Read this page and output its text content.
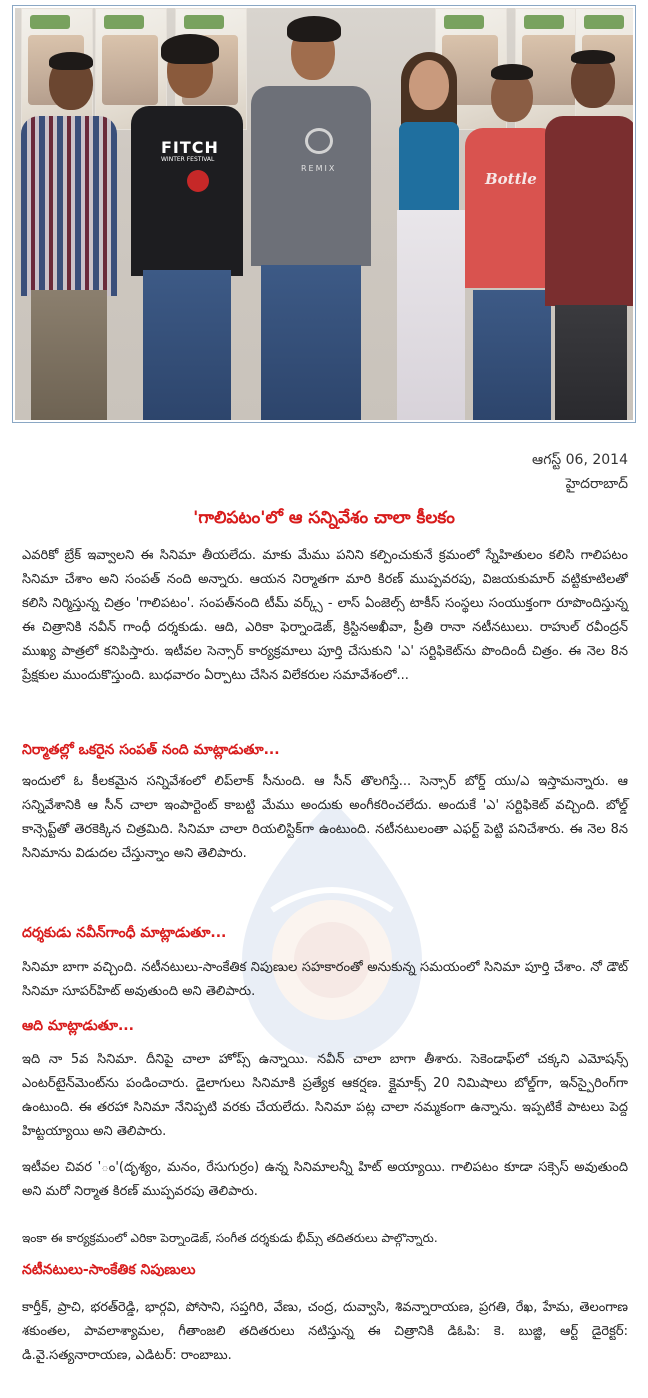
FITCH
WINTER FESTIVAL
REMIX
Bottle
ఆగస్ట్ 06, 2014
హైదరాబాద్
'గాలిపటం'లో ఆ సన్నివేశం చాలా కీలకం
ఎవరికో బ్రేక్ ఇవ్వాలని ఈ సినిమా తీయలేదు. మాకు మేము పనిని కల్పించుకునే క్రమంలో స్నేహితులం కలిసి గాలిపటం సినిమా చేశాం అని సంపత్ నంది అన్నారు. ఆయన నిర్మాతగా మారి కిరణ్ ముప్పవరపు, విజయకుమార్ వట్టికూటిలతో కలిసి నిర్మిస్తున్న చిత్రం 'గాలిపటం'. సంపత్‌నంది టీమ్ వర్క్స్ - లాస్ ఏంజెల్స్ టాకీస్ సంస్థలు సంయుక్తంగా రూపొందిస్తున్న ఈ చిత్రానికి నవీన్ గాంధీ దర్శకుడు. ఆది, ఎరికా ఫెర్నాండెజ్, క్రిస్టినఅఖీవా, ప్రీతి రానా నటీనటులు. రాహుల్ రవీంద్రన్ ముఖ్య పాత్రలో కనిపిస్తారు. ఇటీవల సెన్సార్ కార్యక్రమాలు పూర్తి చేసుకుని 'ఎ' సర్టిఫికెట్‌ను పొందిందీ చిత్రం. ఈ నెల 8న ప్రేక్షకుల ముందుకొస్తుంది. బుధవారం ఏర్పాటు చేసిన విలేకరుల సమావేశంలో...
నిర్మాతల్లో ఒకరైన సంపత్ నంది మాట్లాడుతూ...
ఇందులో ఓ కీలకమైన సన్నివేశంలో లిప్‌లాక్ సీనుంది. ఆ సీన్ తొలగిస్తే... సెన్సార్ బోర్డ్ యు/ఎ ఇస్తామన్నారు. ఆ సన్నివేశానికి ఆ సీన్ చాలా ఇంపార్టెంట్ కాబట్టి మేము అందుకు అంగీకరించలేదు. అందుకే 'ఎ' సర్టిఫికెట్ వచ్చింది. బోల్డ్ కాన్సెప్ట్‌తో తెరకెక్కిన చిత్రమిది. సినిమా చాలా రియలిస్టిక్‌గా ఉంటుంది. నటీనటులంతా ఎఫర్ట్ పెట్టి పనిచేశారు. ఈ నెల 8న సినిమాను విడుదల చేస్తున్నాం అని తెలిపారు.
దర్శకుడు నవీన్‌గాంధీ మాట్లాడుతూ...
సినిమా బాగా వచ్చింది. నటీనటులు-సాంకేతిక నిపుణుల సహకారంతో అనుకున్న సమయంలో సినిమా పూర్తి చేశాం. నో డౌట్ సినిమా సూపర్‌హిట్ అవుతుంది అని తెలిపారు.
ఆది మాట్లాడుతూ...
ఇది నా 5వ సినిమా. దీనిపై చాలా హోప్స్ ఉన్నాయి. నవీన్ చాలా బాగా తీశారు. సెకెండాఫ్‌లో చక్కని ఎమోషన్స్ ఎంటర్‌టైన్‌మెంట్‌ను పండించారు. డైలాగులు సినిమాకి ప్రత్యేక ఆకర్షణ. క్లైమాక్స్ 20 నిమిషాలు బోల్డ్‌గా, ఇన్‌స్పైరింగ్‌గా ఉంటుంది. ఈ తరహా సినిమా నేనిప్పటి వరకు చేయలేదు. సినిమా పట్ల చాలా నమ్మకంగా ఉన్నాను. ఇప్పటికే పాటలు పెద్ద హిట్టయ్యాయి అని తెలిపారు.
ఇటీవల చివర 'ం'(దృశ్యం, మనం, రేసుగుర్రం) ఉన్న సినిమాలన్నీ హిట్ అయ్యాయి. గాలిపటం కూడా సక్సెస్ అవుతుంది అని మరో నిర్మాత కిరణ్ ముప్పవరపు తెలిపారు.
ఇంకా ఈ కార్యక్రమంలో ఎరికా పెర్నాండెజ్, సంగీత దర్శకుడు భీమ్స్ తదితరులు పాల్గొన్నారు.
నటీనటులు-సాంకేతిక నిపుణులు
కార్తీక్, ప్రాచి, భరత్‌రెడ్డి, భార్గవి, పోసాని, సప్తగిరి, వేణు, చంద్ర, దువ్వాసి, శివన్నారాయణ, ప్రగతి, రేఖ, హేమ, తెలంగాణ శకుంతల, పావలాశ్యామల, గీతాంజలి తదితరులు నటిస్తున్న ఈ చిత్రానికి డిఓపి: కె. బుజ్జి, ఆర్ట్ డైరెక్టర్: డి.వై.సత్యనారాయణ, ఎడిటర్: రాంబాబు.
